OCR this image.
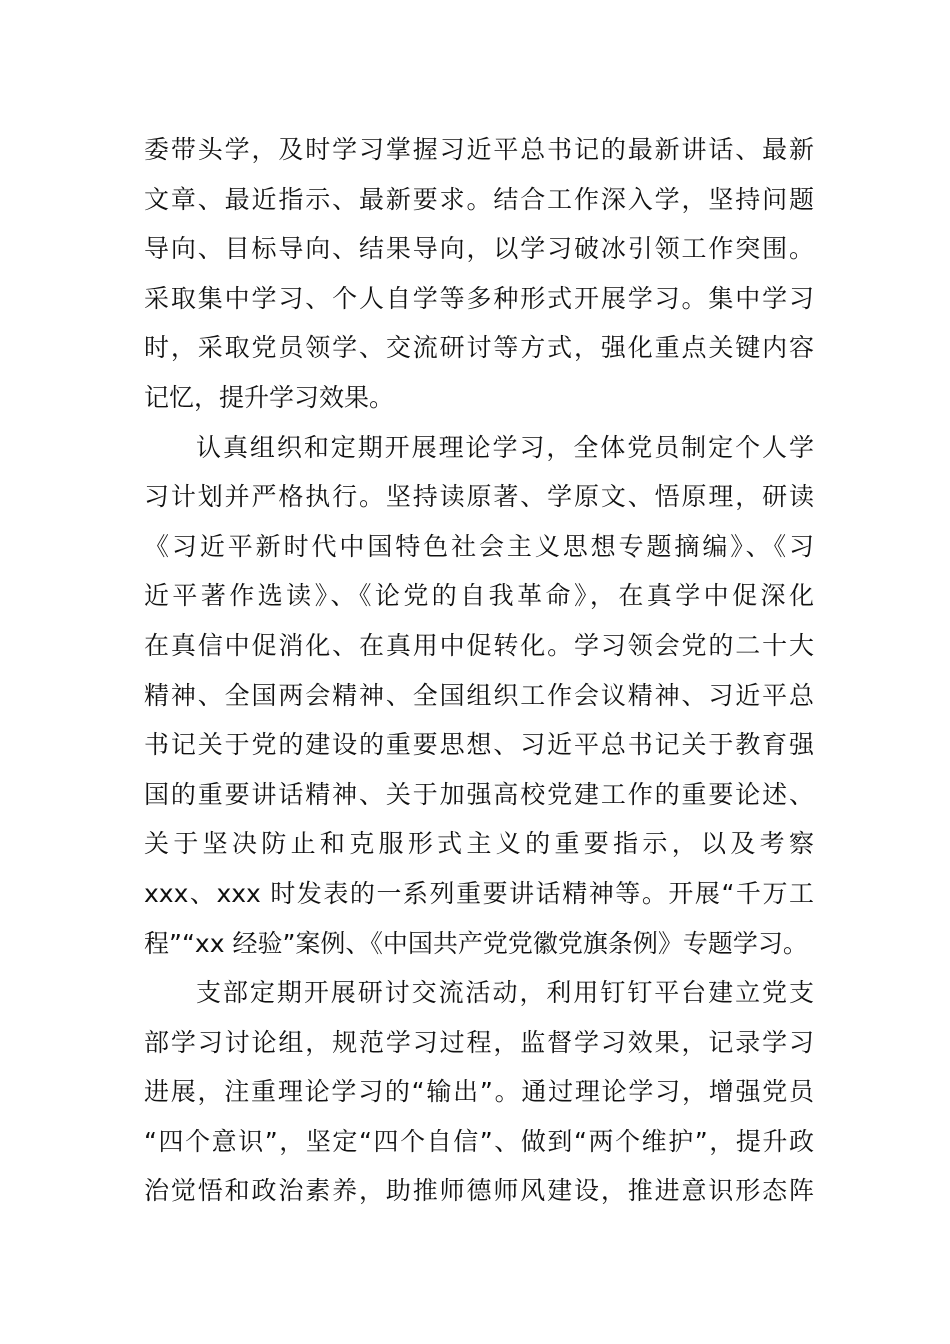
委带头学，及时学习掌握习近平总书记的最新讲话、最新
文章、最近指示、最新要求。结合工作深入学，坚持问题
导向、目标导向、结果导向，以学习破冰引领工作突围。
采取集中学习、个人自学等多种形式开展学习。集中学习
时，采取党员领学、交流研讨等方式，强化重点关键内容
记忆，提升学习效果。
认真组织和定期开展理论学习，全体党员制定个人学
习计划并严格执行。坚持读原著、学原文、悟原理，研读
《习近平新时代中国特色社会主义思想专题摘编》、《习
近平著作选读》、《论党的自我革命》，在真学中促深化
在真信中促消化、在真用中促转化。学习领会党的二十大
精神、全国两会精神、全国组织工作会议精神、习近平总
书记关于党的建设的重要思想、习近平总书记关于教育强
国的重要讲话精神、关于加强高校党建工作的重要论述、
关于坚决防止和克服形式主义的重要指示，以及考察
xxx、xxx 时发表的一系列重要讲话精神等。开展“千万工
程”“xx 经验”案例、《中国共产党党徽党旗条例》专题学习。
支部定期开展研讨交流活动，利用钉钉平台建立党支
部学习讨论组，规范学习过程，监督学习效果，记录学习
进展，注重理论学习的“输出”。通过理论学习，增强党员
“四个意识”，坚定“四个自信”、做到“两个维护”，提升政
治觉悟和政治素养，助推师德师风建设，推进意识形态阵
